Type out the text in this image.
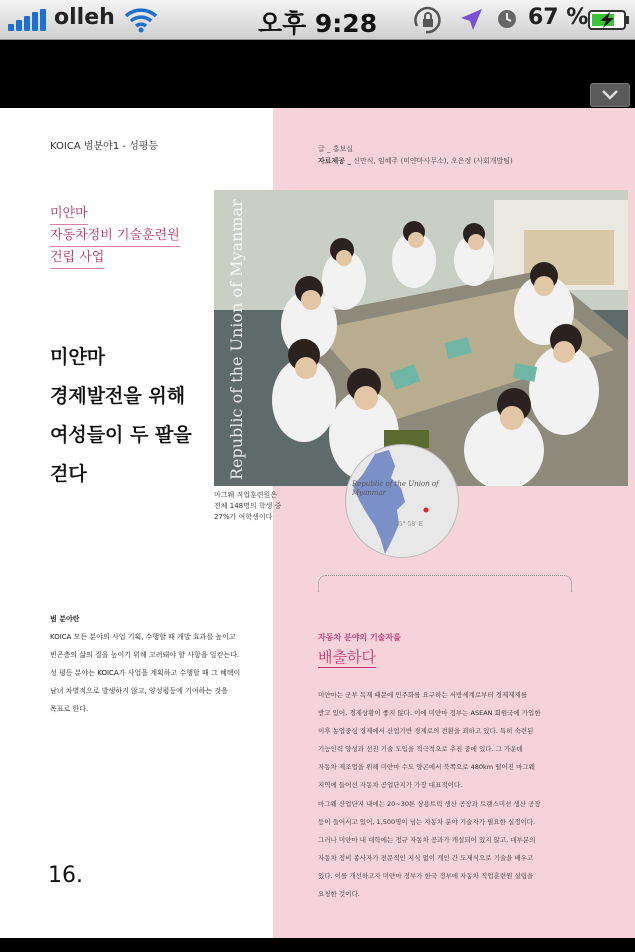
olleh	오후 9:28	67 %
KOICA 범분야1 - 성평등	글 _ 홍보실
자료제공 _ 신만식, 임혜주 (미얀마사무소), 오은정 (사회개발팀)
미얀마
자동차정비 기술훈련원
건립 사업
미얀마
경제발전을 위해
여성들이 두 팔을
걷다	Republic of the Union of Myanmar
마그웨 직업훈련원은
전체 148명의 학생 중
27%가 여학생이다
Republic of the Union of
Myanmar
95° 58' E
범 분야란
KOICA 모든 분야의 사업 기획, 수행할 때 개발 효과를 높이고
빈곤층의 삶의 질을 높이기 위해 고려돼야 할 사항을 일컫는다.
성 평등 분야는 KOICA가 사업을 계획하고 수행할 때 그 혜택이
남녀 차별적으로 발생하지 않고, 양성평등에 기여하는 것을
목표로 한다.
자동차 분야의 기술자를
배출하다

미얀마는 군부 독재 때문에 민주화를 요구하는 서방세계로부터 경제제재를

받고 있어, 경제상황이 좋지 않다. 이에 미얀마 정부는 ASEAN 회원국에 가입한

이후 농업중심 경제에서 산업기반 경제로의 전환을 꾀하고 있다. 특히 숙련된

기능인력 양성과 선진 기술 도입을 적극적으로 추진 중에 있다. 그 가운데

자동차 제조업을 위해 미얀마 수도 양곤에서 북쪽으로 480km 떨어진 마그웨

지역에 들어선 자동차 공업단지가 가장 대표적이다.

마그웨 산업단지 내에는 20~30톤 상용트럭 생산 공장과 트랜스미션 생산 공장

등이 들어서고 있어, 1,500명이 넘는 자동차 분야 기술자가 필요한 실정이다.

그러나 미얀마 내 대학에는 정규 자동차 공과가 개설되어 있지 않고, 대부분의

자동차 정비 종사자가 전문적인 지식 없이 개인 간 도제식으로 기술을 배우고

있다. 이를 개선하고자 미얀마 정부가 한국 정부에 자동차 직업훈련원 설립을

요청한 것이다.

16.
